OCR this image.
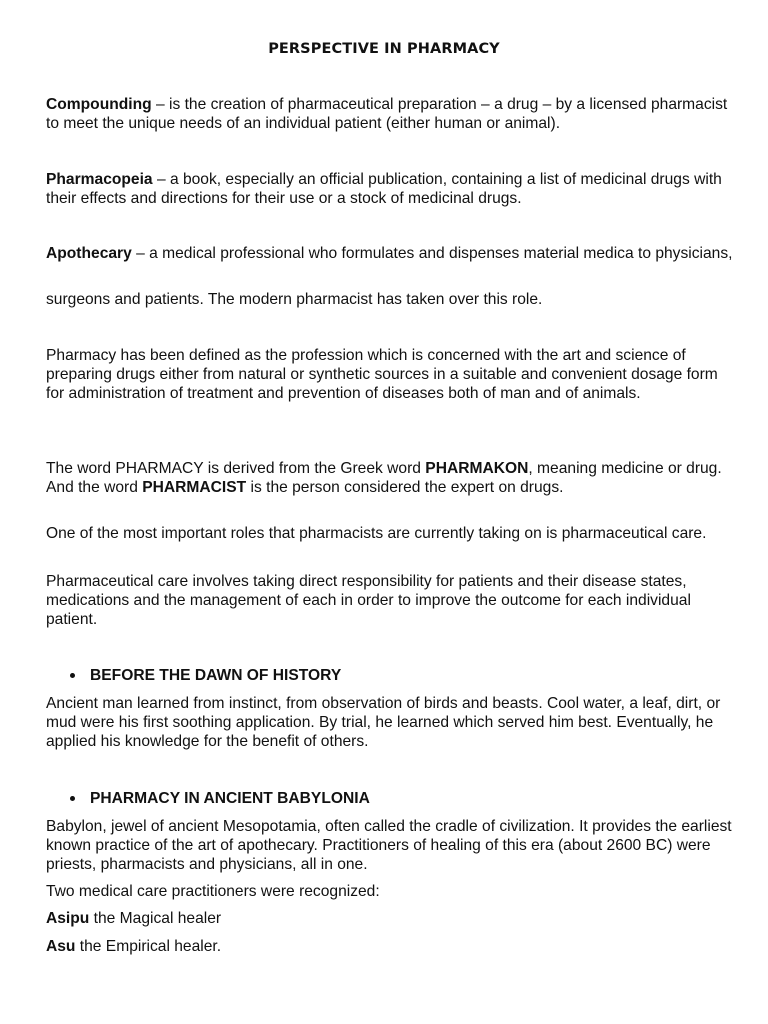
PERSPECTIVE IN PHARMACY

Compounding – is the creation of pharmaceutical preparation – a drug – by a licensed pharmacist to meet the unique needs of an individual patient (either human or animal).

Pharmacopeia – a book, especially an official publication, containing a list of medicinal drugs with their effects and directions for their use or a stock of medicinal drugs.

Apothecary – a medical professional who formulates and dispenses material medica to physicians,

surgeons and patients. The modern pharmacist has taken over this role.

Pharmacy has been defined as the profession which is concerned with the art and science of preparing drugs either from natural or synthetic sources in a suitable and convenient dosage form for administration of treatment and prevention of diseases both of man and of animals.

The word PHARMACY is derived from the Greek word PHARMAKON, meaning medicine or drug. And the word PHARMACIST is the person considered the expert on drugs.

One of the most important roles that pharmacists are currently taking on is pharmaceutical care.

Pharmaceutical care involves taking direct responsibility for patients and their disease states, medications and the management of each in order to improve the outcome for each individual patient.

BEFORE THE DAWN OF HISTORY

Ancient man learned from instinct, from observation of birds and beasts. Cool water, a leaf, dirt, or mud were his first soothing application. By trial, he learned which served him best. Eventually, he applied his knowledge for the benefit of others.

PHARMACY IN ANCIENT BABYLONIA

Babylon, jewel of ancient Mesopotamia, often called the cradle of civilization. It provides the earliest known practice of the art of apothecary. Practitioners of healing of this era (about 2600 BC) were priests, pharmacists and physicians, all in one.

Two medical care practitioners were recognized:

Asipu the Magical healer

Asu the Empirical healer.
